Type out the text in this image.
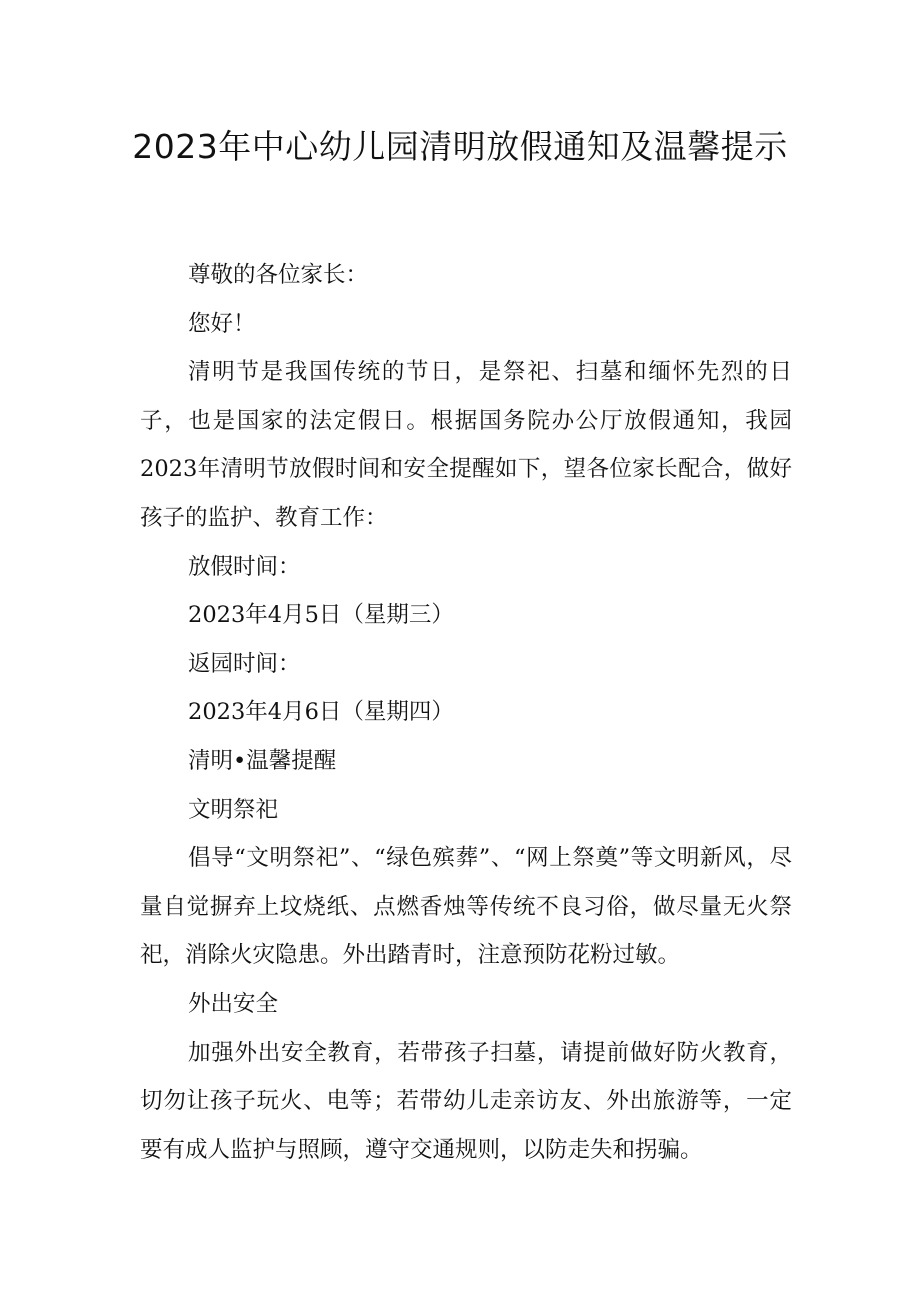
2023年中心幼儿园清明放假通知及温馨提示

尊敬的各位家长：

您好！

清明节是我国传统的节日，是祭祀、扫墓和缅怀先烈的日子，也是国家的法定假日。根据国务院办公厅放假通知，我园2023年清明节放假时间和安全提醒如下，望各位家长配合，做好孩子的监护、教育工作：

放假时间：

2023年4月5日（星期三）

返园时间：

2023年4月6日（星期四）

清明•温馨提醒

文明祭祀

倡导“文明祭祀”、“绿色殡葬”、“网上祭奠”等文明新风，尽量自觉摒弃上坟烧纸、点燃香烛等传统不良习俗，做尽量无火祭祀，消除火灾隐患。外出踏青时，注意预防花粉过敏。

外出安全

加强外出安全教育，若带孩子扫墓，请提前做好防火教育，切勿让孩子玩火、电等；若带幼儿走亲访友、外出旅游等，一定要有成人监护与照顾，遵守交通规则，以防走失和拐骗。
